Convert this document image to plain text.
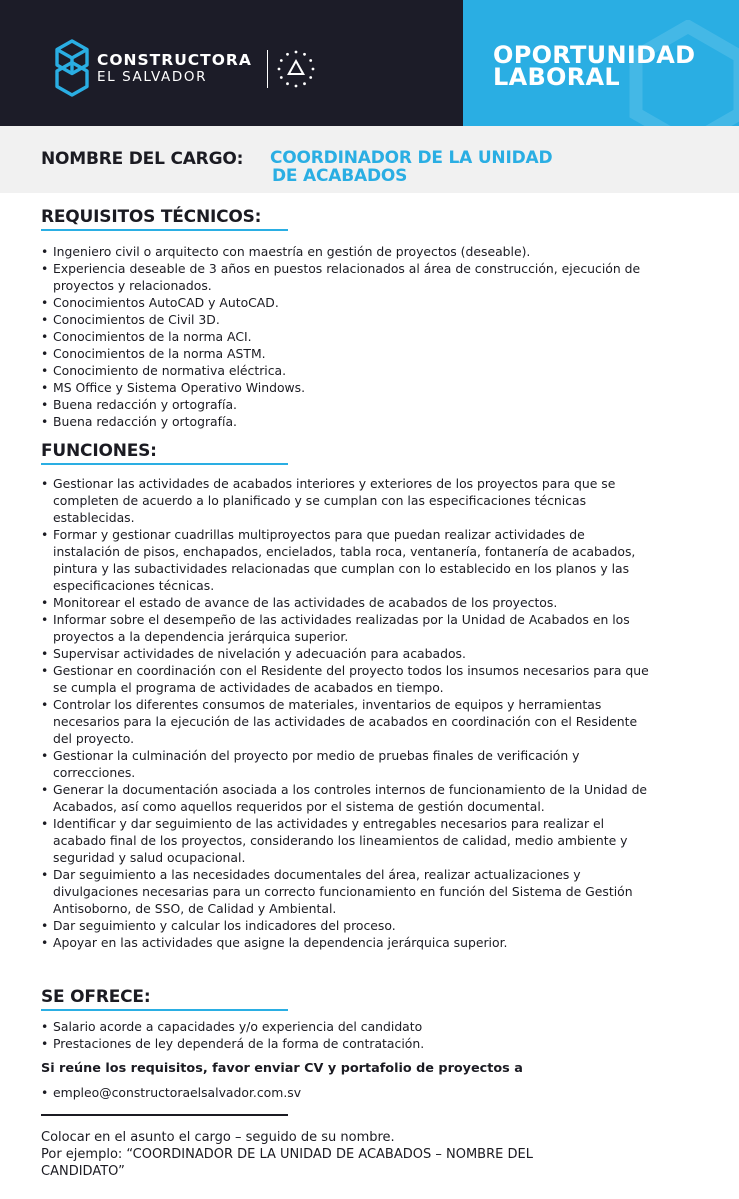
CONSTRUCTORA
EL SALVADOR
OPORTUNIDAD
LABORAL
NOMBRE DEL CARGO: COORDINADOR DE LA UNIDAD
DE ACABADOS
REQUISITOS TÉCNICOS:
• Ingeniero civil o arquitecto con maestría en gestión de proyectos (deseable).
• Experiencia deseable de 3 años en puestos relacionados al área de construcción, ejecución de proyectos y relacionados.
• Conocimientos AutoCAD y AutoCAD.
• Conocimientos de Civil 3D.
• Conocimientos de la norma ACI.
• Conocimientos de la norma ASTM.
• Conocimiento de normativa eléctrica.
• MS Office y Sistema Operativo Windows.
• Buena redacción y ortografía.
• Buena redacción y ortografía.
FUNCIONES:
• Gestionar las actividades de acabados interiores y exteriores de los proyectos para que se completen de acuerdo a lo planificado y se cumplan con las especificaciones técnicas establecidas.
• Formar y gestionar cuadrillas multiproyectos para que puedan realizar actividades de instalación de pisos, enchapados, encielados, tabla roca, ventanería, fontanería de acabados, pintura y las subactividades relacionadas que cumplan con lo establecido en los planos y las especificaciones técnicas.
• Monitorear el estado de avance de las actividades de acabados de los proyectos.
• Informar sobre el desempeño de las actividades realizadas por la Unidad de Acabados en los proyectos a la dependencia jerárquica superior.
• Supervisar actividades de nivelación y adecuación para acabados.
• Gestionar en coordinación con el Residente del proyecto todos los insumos necesarios para que se cumpla el programa de actividades de acabados en tiempo.
• Controlar los diferentes consumos de materiales, inventarios de equipos y herramientas necesarios para la ejecución de las actividades de acabados en coordinación con el Residente del proyecto.
• Gestionar la culminación del proyecto por medio de pruebas finales de verificación y correcciones.
• Generar la documentación asociada a los controles internos de funcionamiento de la Unidad de Acabados, así como aquellos requeridos por el sistema de gestión documental.
• Identificar y dar seguimiento de las actividades y entregables necesarios para realizar el acabado final de los proyectos, considerando los lineamientos de calidad, medio ambiente y seguridad y salud ocupacional.
• Dar seguimiento a las necesidades documentales del área, realizar actualizaciones y divulgaciones necesarias para un correcto funcionamiento en función del Sistema de Gestión Antisoborno, de SSO, de Calidad y Ambiental.
• Dar seguimiento y calcular los indicadores del proceso.
• Apoyar en las actividades que asigne la dependencia jerárquica superior.
SE OFRECE:
• Salario acorde a capacidades y/o experiencia del candidato
• Prestaciones de ley dependerá de la forma de contratación.
Si reúne los requisitos, favor enviar CV y portafolio de proyectos a
• empleo@constructoraelsalvador.com.sv

Colocar en el asunto el cargo – seguido de su nombre.

Por ejemplo: “COORDINADOR DE LA UNIDAD DE ACABADOS – NOMBRE DEL

CANDIDATO”
